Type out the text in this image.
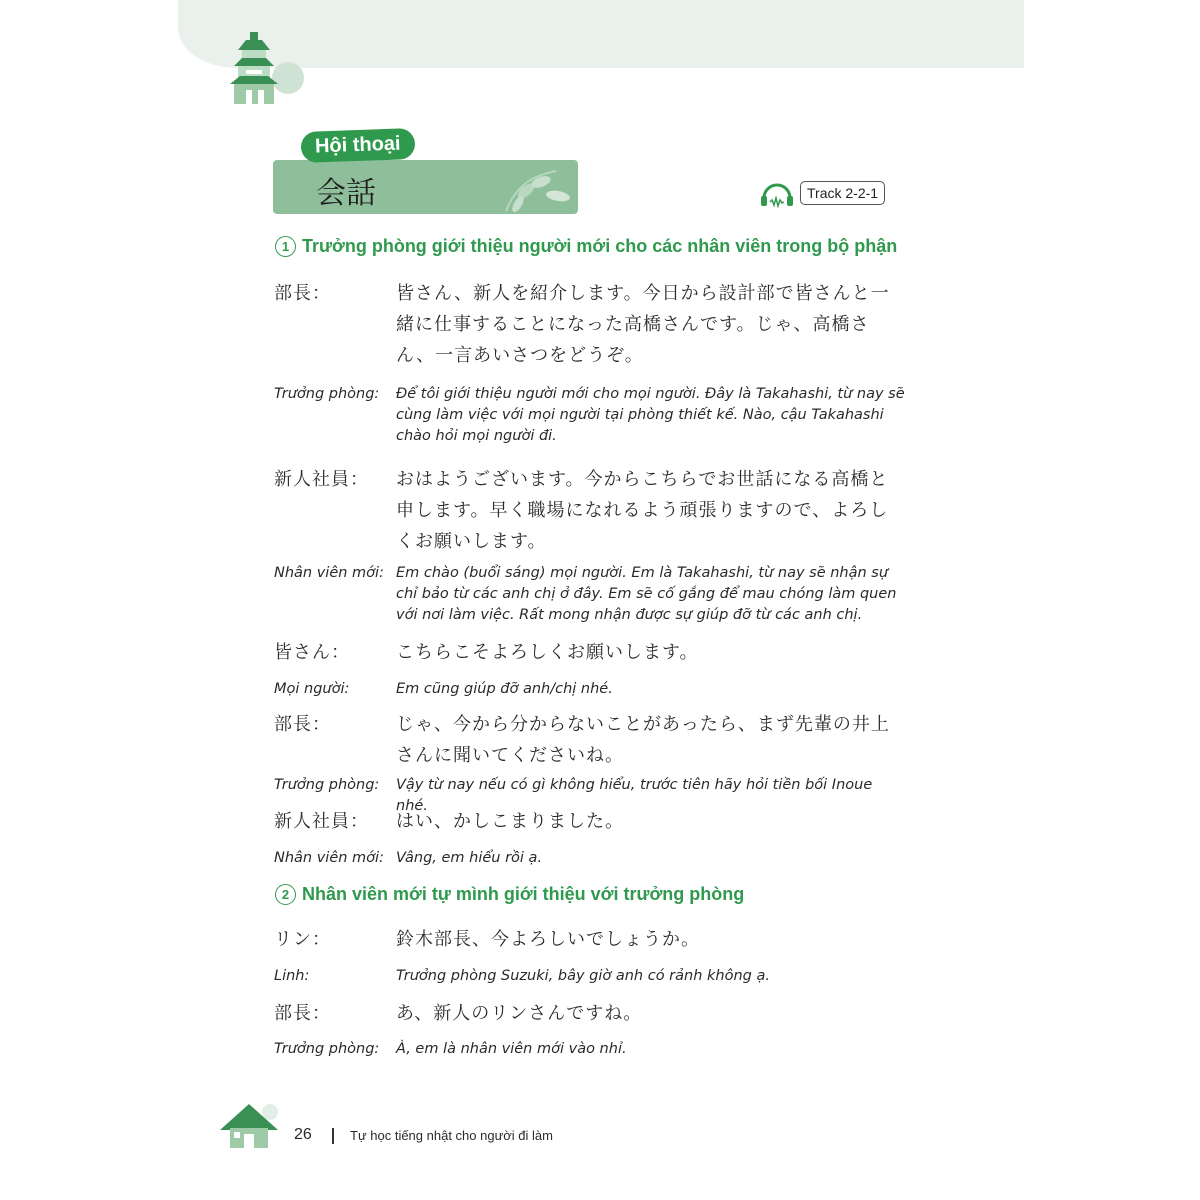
Hội thoại
会話	Track 2-2-1
1 Trưởng phòng giới thiệu người mới cho các nhân viên trong bộ phận
部長：	皆さん、新人を紹介します。今日から設計部で皆さんと一緒に仕事することになった高橋さんです。じゃ、高橋さん、一言あいさつをどうぞ。
Trưởng phòng:	Để tôi giới thiệu người mới cho mọi người. Đây là Takahashi, từ nay sẽ cùng làm việc với mọi người tại phòng thiết kế. Nào, cậu Takahashi chào hỏi mọi người đi.
新人社員：	おはようございます。今からこちらでお世話になる高橋と申します。早く職場になれるよう頑張りますので、よろしくお願いします。
Nhân viên mới: Em chào (buổi sáng) mọi người. Em là Takahashi, từ nay sẽ nhận sự chỉ bảo từ các anh chị ở đây. Em sẽ cố gắng để mau chóng làm quen với nơi làm việc. Rất mong nhận được sự giúp đỡ từ các anh chị.
皆さん：	こちらこそよろしくお願いします。
Mọi người:	Em cũng giúp đỡ anh/chị nhé.
部長：	じゃ、今から分からないことがあったら、まず先輩の井上さんに聞いてくださいね。
Trưởng phòng:	Vậy từ nay nếu có gì không hiểu, trước tiên hãy hỏi tiền bối Inoue nhé.
新人社員：	はい、かしこまりました。
Nhân viên mới: Vâng, em hiểu rồi ạ.
2 Nhân viên mới tự mình giới thiệu với trưởng phòng
リン：	鈴木部長、今よろしいでしょうか。
Linh:	Trưởng phòng Suzuki, bây giờ anh có rảnh không ạ.
部長：	あ、新人のリンさんですね。
Trưởng phòng:	À, em là nhân viên mới vào nhỉ.
26	Tự học tiếng nhật cho người đi làm
